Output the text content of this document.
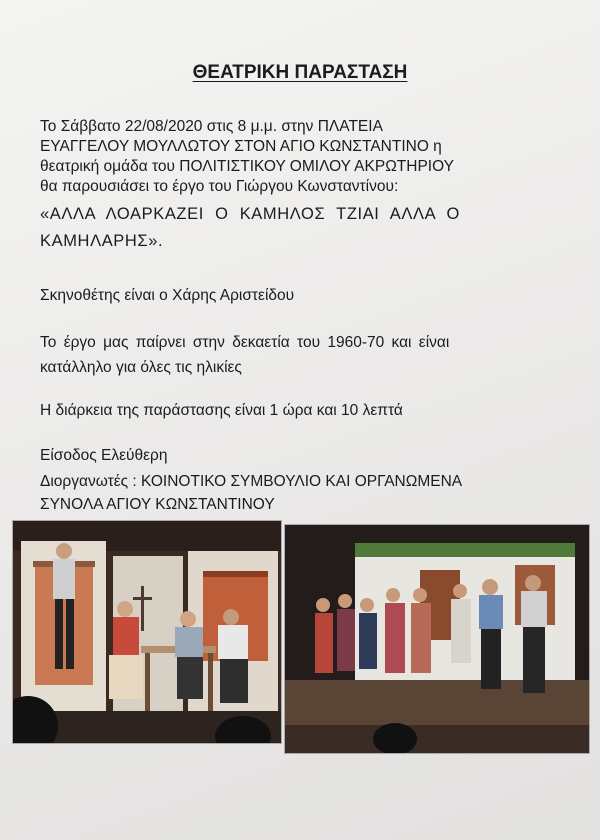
ΘΕΑΤΡΙΚΗ ΠΑΡΑΣΤΑΣΗ
Το Σάββατο 22/08/2020 στις 8 μ.μ. στην ΠΛΑΤΕΙΑ
ΕΥΑΓΓΕΛΟΥ ΜΟΥΛΛΩΤΟΥ ΣΤΟΝ ΑΓΙΟ ΚΩΝΣΤΑΝΤΙΝΟ η
θεατρική ομάδα του ΠΟΛΙΤΙΣΤΙΚΟΥ ΟΜΙΛΟΥ ΑΚΡΩΤΗΡΙΟΥ
θα παρουσιάσει το έργο του Γιώργου Κωνσταντίνου:
«ΑΛΛΑ ΛΟΑΡΚΑΖΕΙ Ο ΚΑΜΗΛΟΣ ΤΖΙΑΙ ΑΛΛΑ Ο
ΚΑΜΗΛΑΡΗΣ».
Σκηνοθέτης είναι ο Χάρης Αριστείδου
Το έργο μας παίρνει στην δεκαετία του 1960-70 και είναι
κατάλληλο για όλες τις ηλικίες
Η διάρκεια της παράστασης είναι 1 ώρα και 10 λεπτά
Είσοδος Ελεύθερη
Διοργανωτές : ΚΟΙΝΟΤΙΚΟ ΣΥΜΒΟΥΛΙΟ ΚΑΙ ΟΡΓΑΝΩΜΕΝΑ
ΣΥΝΟΛΑ ΑΓΙΟΥ ΚΩΝΣΤΑΝΤΙΝΟΥ
